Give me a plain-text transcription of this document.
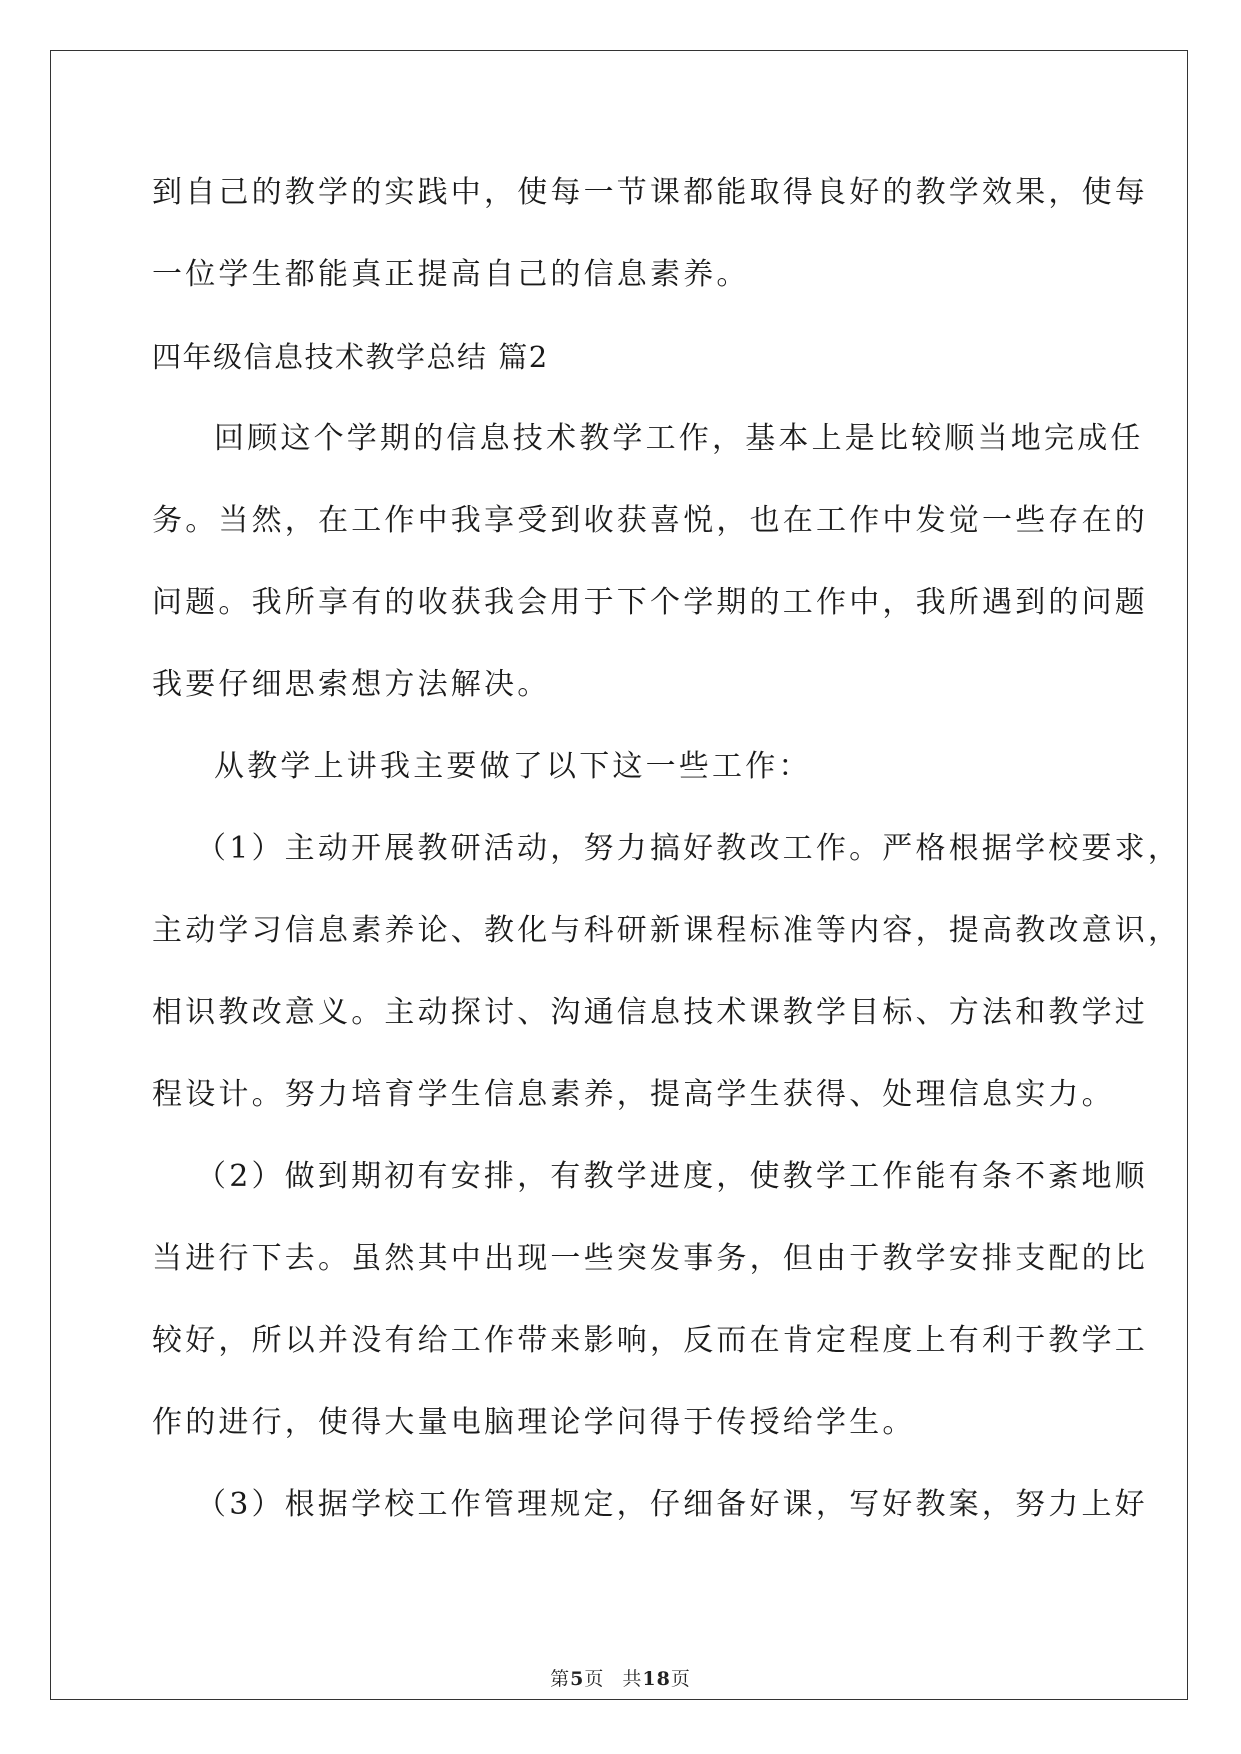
到自己的教学的实践中，使每一节课都能取得良好的教学效果，使每
一位学生都能真正提高自己的信息素养。
四年级信息技术教学总结 篇2
回顾这个学期的信息技术教学工作，基本上是比较顺当地完成任
务。当然，在工作中我享受到收获喜悦，也在工作中发觉一些存在的
问题。我所享有的收获我会用于下个学期的工作中，我所遇到的问题
我要仔细思索想方法解决。
从教学上讲我主要做了以下这一些工作：
（1）主动开展教研活动，努力搞好教改工作。严格根据学校要求，
主动学习信息素养论、教化与科研新课程标准等内容，提高教改意识，
相识教改意义。主动探讨、沟通信息技术课教学目标、方法和教学过
程设计。努力培育学生信息素养，提高学生获得、处理信息实力。
（2）做到期初有安排，有教学进度，使教学工作能有条不紊地顺
当进行下去。虽然其中出现一些突发事务，但由于教学安排支配的比
较好，所以并没有给工作带来影响，反而在肯定程度上有利于教学工
作的进行，使得大量电脑理论学问得于传授给学生。
（3）根据学校工作管理规定，仔细备好课，写好教案，努力上好
第5页 共18页
